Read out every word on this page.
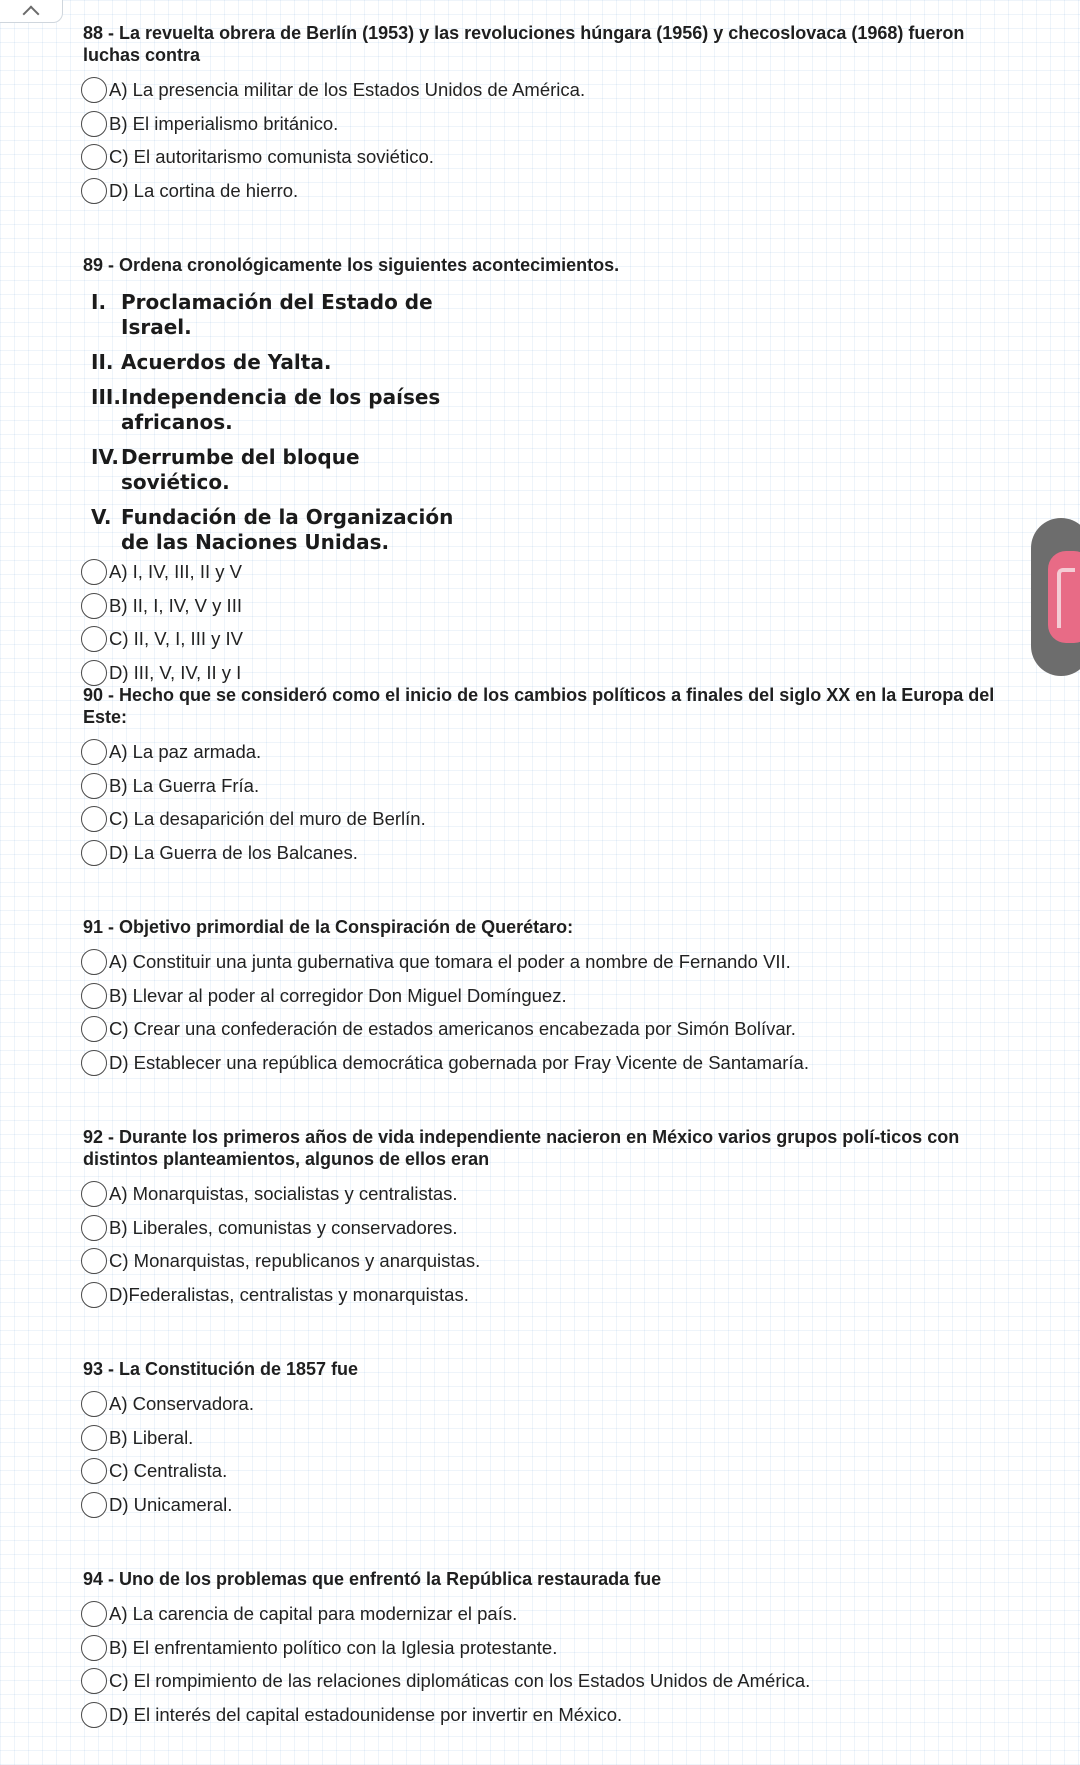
88 - La revuelta obrera de Berlín (1953) y las revoluciones húngara (1956) y checoslovaca (1968) fueron luchas contra

A) La presencia militar de los Estados Unidos de América.
B) El imperialismo británico.
C) El autoritarismo comunista soviético.
D) La cortina de hierro.

89 - Ordena cronológicamente los siguientes acontecimientos.

I. Proclamación del Estado de Israel.
II. Acuerdos de Yalta.
III. Independencia de los países africanos.
IV. Derrumbe del bloque soviético.
V. Fundación de la Organización de las Naciones Unidas.
A) I, IV, III, II y V
B) II, I, IV, V y III
C) II, V, I, III y IV
D) III, V, IV, II y I

90 - Hecho que se consideró como el inicio de los cambios políticos a finales del siglo XX en la Europa del Este:

A) La paz armada.
B) La Guerra Fría.
C) La desaparición del muro de Berlín.
D) La Guerra de los Balcanes.

91 - Objetivo primordial de la Conspiración de Querétaro:

A) Constituir una junta gubernativa que tomara el poder a nombre de Fernando VII.
B) Llevar al poder al corregidor Don Miguel Domínguez.
C) Crear una confederación de estados americanos encabezada por Simón Bolívar.
D) Establecer una república democrática gobernada por Fray Vicente de Santamaría.

92 - Durante los primeros años de vida independiente nacieron en México varios grupos polí-ticos con distintos planteamientos, algunos de ellos eran

A) Monarquistas, socialistas y centralistas.
B) Liberales, comunistas y conservadores.
C) Monarquistas, republicanos y anarquistas.
D)Federalistas, centralistas y monarquistas.

93 - La Constitución de 1857 fue

A) Conservadora.
B) Liberal.
C) Centralista.
D) Unicameral.

94 - Uno de los problemas que enfrentó la República restaurada fue

A) La carencia de capital para modernizar el país.
B) El enfrentamiento político con la Iglesia protestante.
C) El rompimiento de las relaciones diplomáticas con los Estados Unidos de América.
D) El interés del capital estadounidense por invertir en México.
